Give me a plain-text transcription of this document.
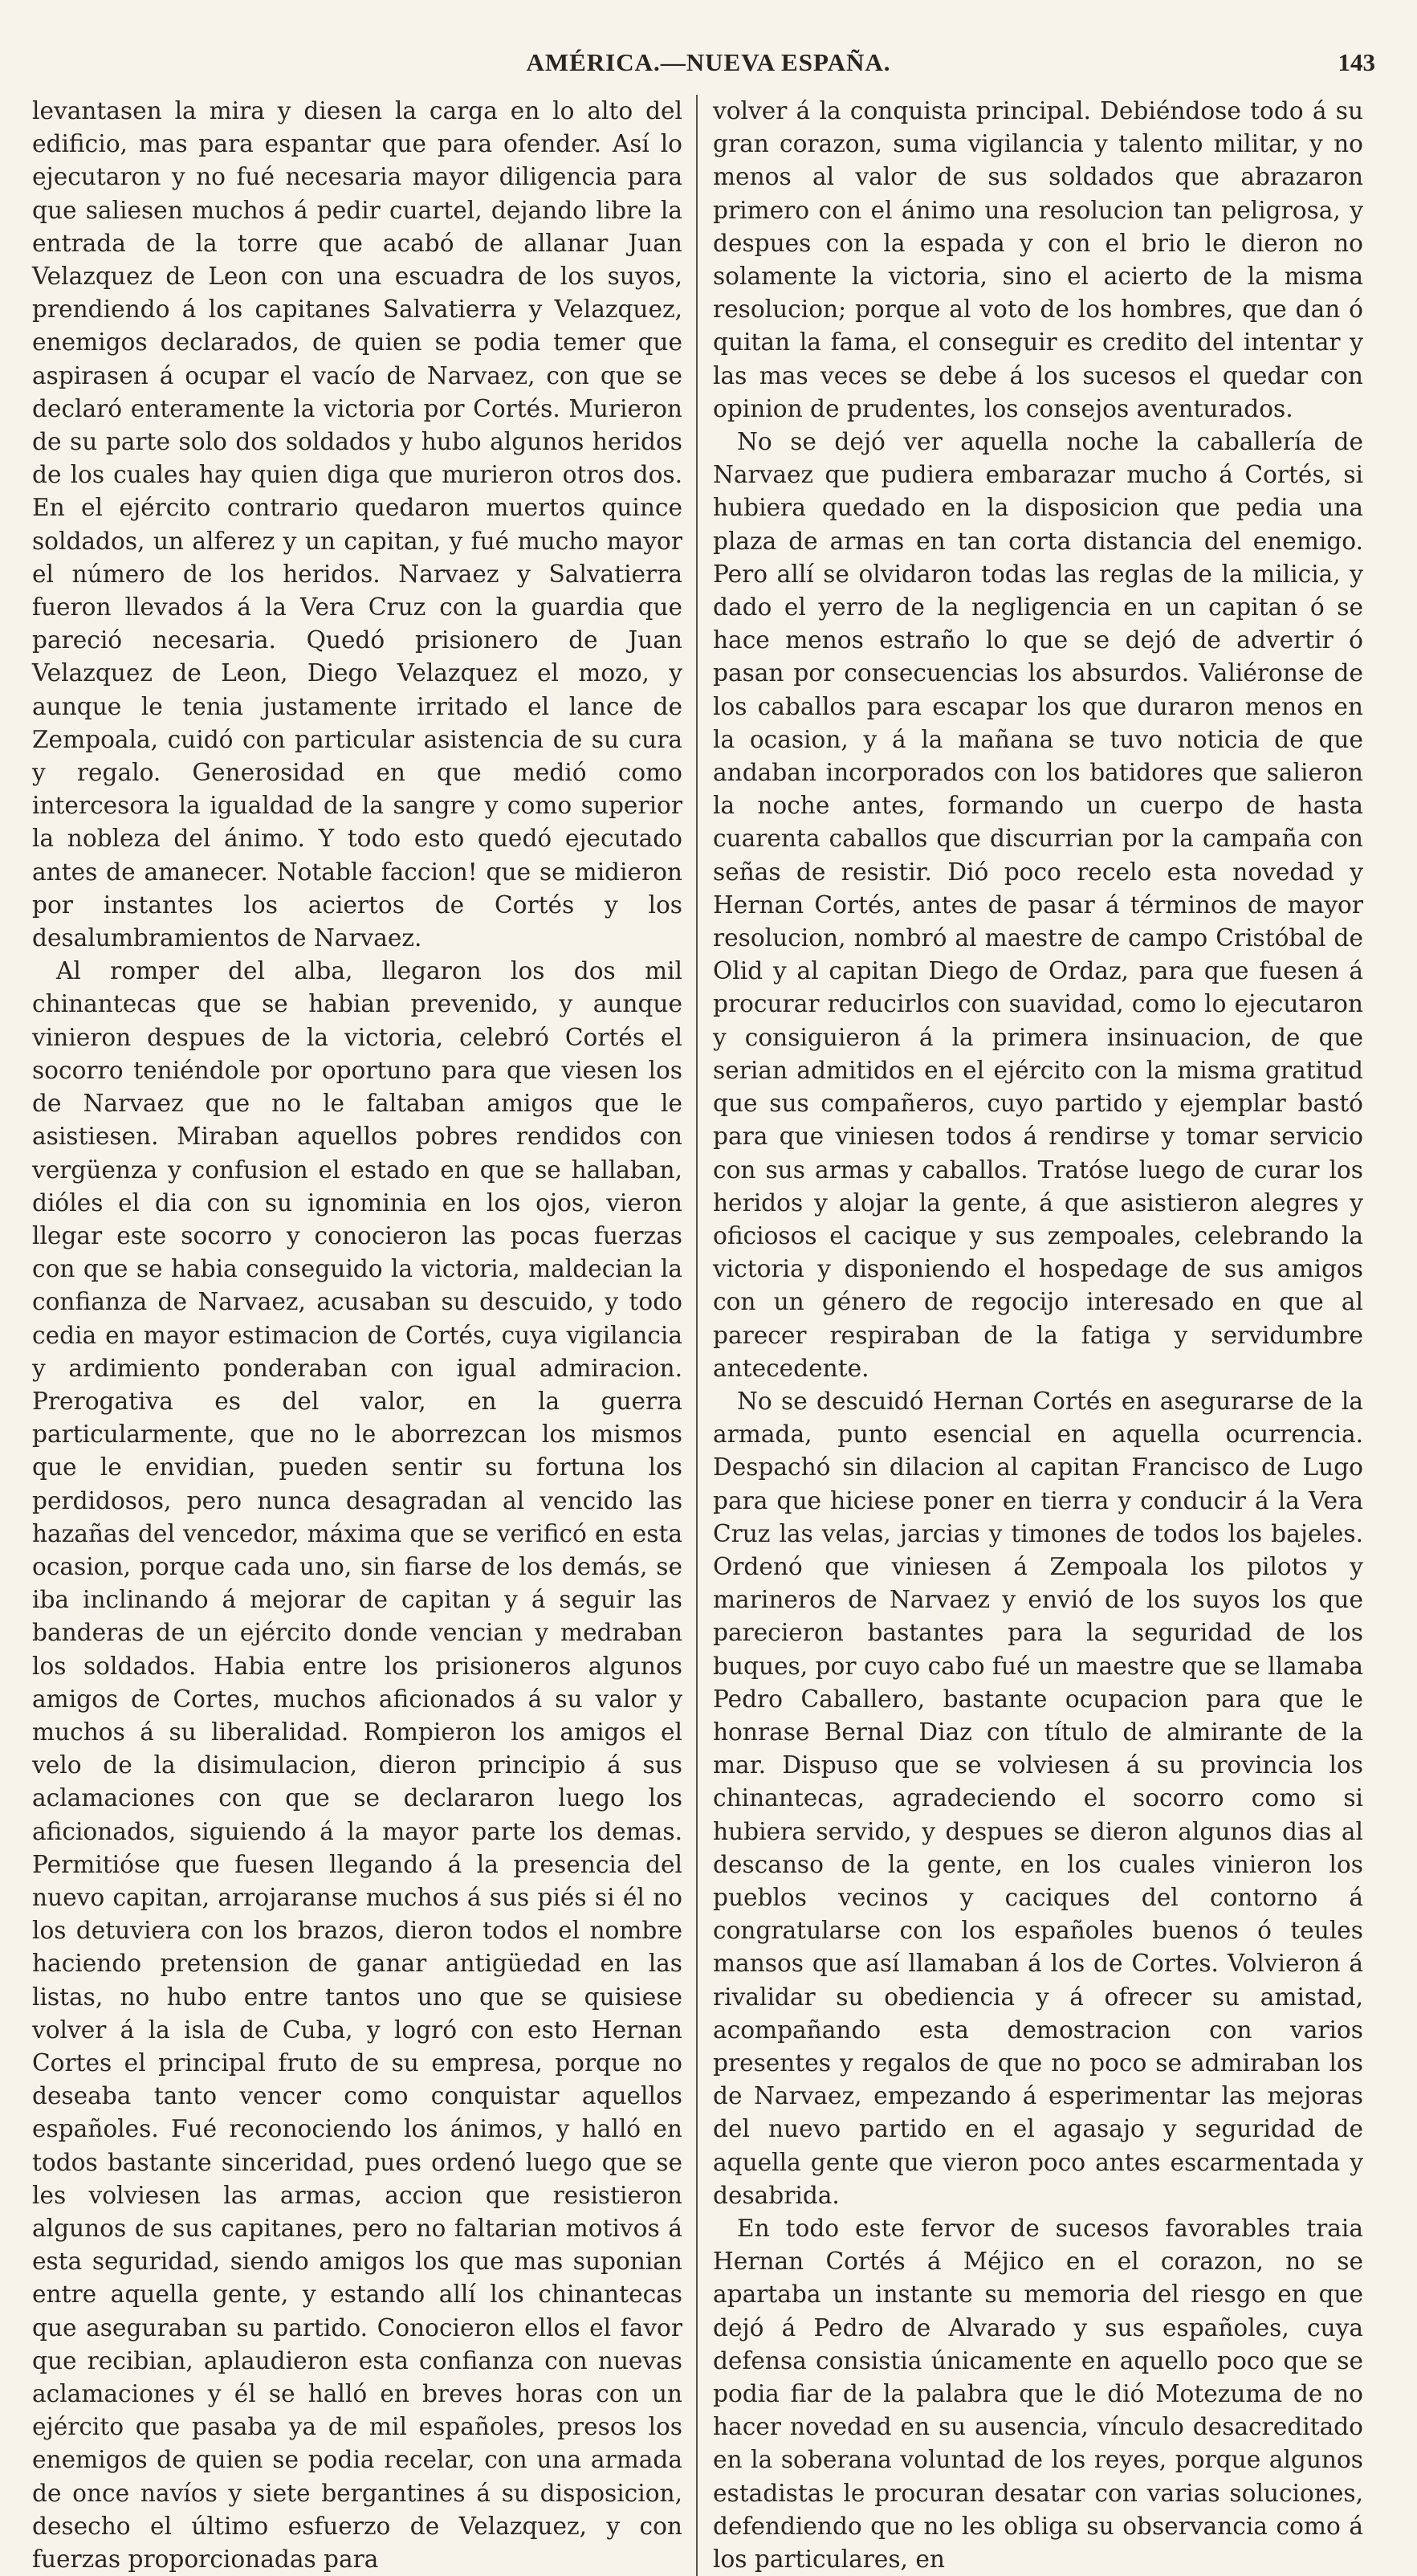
AMÉRICA.—NUEVA ESPAÑA.	143

levantasen la mira y diesen la carga en lo alto del edificio, mas para espantar que para ofender. Así lo ejecutaron y no fué necesaria mayor diligencia para que saliesen muchos á pedir cuartel, dejando libre la entrada de la torre que acabó de allanar Juan Velazquez de Leon con una escuadra de los suyos, prendiendo á los capitanes Salvatierra y Velazquez, enemigos declarados, de quien se podia temer que aspirasen á ocupar el vacío de Narvaez, con que se declaró enteramente la victoria por Cortés. Murieron de su parte solo dos soldados y hubo algunos heridos de los cuales hay quien diga que murieron otros dos. En el ejército contrario quedaron muertos quince soldados, un alferez y un capitan, y fué mucho mayor el número de los heridos. Narvaez y Salvatierra fueron llevados á la Vera Cruz con la guardia que pareció necesaria. Quedó prisionero de Juan Velazquez de Leon, Diego Velazquez el mozo, y aunque le tenia justamente irritado el lance de Zempoala, cuidó con particular asistencia de su cura y regalo. Generosidad en que medió como intercesora la igualdad de la sangre y como superior la nobleza del ánimo. Y todo esto quedó ejecutado antes de amanecer. Notable faccion! que se midieron por instantes los aciertos de Cortés y los desalumbramientos de Narvaez.

Al romper del alba, llegaron los dos mil chinantecas que se habian prevenido, y aunque vinieron despues de la victoria, celebró Cortés el socorro teniéndole por oportuno para que viesen los de Narvaez que no le faltaban amigos que le asistiesen. Miraban aquellos pobres rendidos con vergüenza y confusion el estado en que se hallaban, dióles el dia con su ignominia en los ojos, vieron llegar este socorro y conocieron las pocas fuerzas con que se habia conseguido la victoria, maldecian la confianza de Narvaez, acusaban su descuido, y todo cedia en mayor estimacion de Cortés, cuya vigilancia y ardimiento ponderaban con igual admiracion. Prerogativa es del valor, en la guerra particularmente, que no le aborrezcan los mismos que le envidian, pueden sentir su fortuna los perdidosos, pero nunca desagradan al vencido las hazañas del vencedor, máxima que se verificó en esta ocasion, porque cada uno, sin fiarse de los demás, se iba inclinando á mejorar de capitan y á seguir las banderas de un ejército donde vencian y medraban los soldados. Habia entre los prisioneros algunos amigos de Cortes, muchos aficionados á su valor y muchos á su liberalidad. Rompieron los amigos el velo de la disimulacion, dieron principio á sus aclamaciones con que se declararon luego los aficionados, siguiendo á la mayor parte los demas. Permitióse que fuesen llegando á la presencia del nuevo capitan, arrojaranse muchos á sus piés si él no los detuviera con los brazos, dieron todos el nombre haciendo pretension de ganar antigüedad en las listas, no hubo entre tantos uno que se quisiese volver á la isla de Cuba, y logró con esto Hernan Cortes el principal fruto de su empresa, porque no deseaba tanto vencer como conquistar aquellos españoles. Fué reconociendo los ánimos, y halló en todos bastante sinceridad, pues ordenó luego que se les volviesen las armas, accion que resistieron algunos de sus capitanes, pero no faltarian motivos á esta seguridad, siendo amigos los que mas suponian entre aquella gente, y estando allí los chinantecas que aseguraban su partido. Conocieron ellos el favor que recibian, aplaudieron esta confianza con nuevas aclamaciones y él se halló en breves horas con un ejército que pasaba ya de mil españoles, presos los enemigos de quien se podia recelar, con una armada de once navíos y siete bergantines á su disposicion, desecho el último esfuerzo de Velazquez, y con fuerzas proporcionadas para

volver á la conquista principal. Debiéndose todo á su gran corazon, suma vigilancia y talento militar, y no menos al valor de sus soldados que abrazaron primero con el ánimo una resolucion tan peligrosa, y despues con la espada y con el brio le dieron no solamente la victoria, sino el acierto de la misma resolucion; porque al voto de los hombres, que dan ó quitan la fama, el conseguir es credito del intentar y las mas veces se debe á los sucesos el quedar con opinion de prudentes, los consejos aventurados.

No se dejó ver aquella noche la caballería de Narvaez que pudiera embarazar mucho á Cortés, si hubiera quedado en la disposicion que pedia una plaza de armas en tan corta distancia del enemigo. Pero allí se olvidaron todas las reglas de la milicia, y dado el yerro de la negligencia en un capitan ó se hace menos estraño lo que se dejó de advertir ó pasan por consecuencias los absurdos. Valiéronse de los caballos para escapar los que duraron menos en la ocasion, y á la mañana se tuvo noticia de que andaban incorporados con los batidores que salieron la noche antes, formando un cuerpo de hasta cuarenta caballos que discurrian por la campaña con señas de resistir. Dió poco recelo esta novedad y Hernan Cortés, antes de pasar á términos de mayor resolucion, nombró al maestre de campo Cristóbal de Olid y al capitan Diego de Ordaz, para que fuesen á procurar reducirlos con suavidad, como lo ejecutaron y consiguieron á la primera insinuacion, de que serian admitidos en el ejército con la misma gratitud que sus compañeros, cuyo partido y ejemplar bastó para que viniesen todos á rendirse y tomar servicio con sus armas y caballos. Tratóse luego de curar los heridos y alojar la gente, á que asistieron alegres y oficiosos el cacique y sus zempoales, celebrando la victoria y disponiendo el hospedage de sus amigos con un género de regocijo interesado en que al parecer respiraban de la fatiga y servidumbre antecedente.

No se descuidó Hernan Cortés en asegurarse de la armada, punto esencial en aquella ocurrencia. Despachó sin dilacion al capitan Francisco de Lugo para que hiciese poner en tierra y conducir á la Vera Cruz las velas, jarcias y timones de todos los bajeles. Ordenó que viniesen á Zempoala los pilotos y marineros de Narvaez y envió de los suyos los que parecieron bastantes para la seguridad de los buques, por cuyo cabo fué un maestre que se llamaba Pedro Caballero, bastante ocupacion para que le honrase Bernal Diaz con título de almirante de la mar. Dispuso que se volviesen á su provincia los chinantecas, agradeciendo el socorro como si hubiera servido, y despues se dieron algunos dias al descanso de la gente, en los cuales vinieron los pueblos vecinos y caciques del contorno á congratularse con los españoles buenos ó teules mansos que así llamaban á los de Cortes. Volvieron á rivalidar su obediencia y á ofrecer su amistad, acompañando esta demostracion con varios presentes y regalos de que no poco se admiraban los de Narvaez, empezando á esperimentar las mejoras del nuevo partido en el agasajo y seguridad de aquella gente que vieron poco antes escarmentada y desabrida.

En todo este fervor de sucesos favorables traia Hernan Cortés á Méjico en el corazon, no se apartaba un instante su memoria del riesgo en que dejó á Pedro de Alvarado y sus españoles, cuya defensa consistia únicamente en aquello poco que se podia fiar de la palabra que le dió Motezuma de no hacer novedad en su ausencia, vínculo desacreditado en la soberana voluntad de los reyes, porque algunos estadistas le procuran desatar con varias soluciones, defendiendo que no les obliga su observancia como á los particulares, en
